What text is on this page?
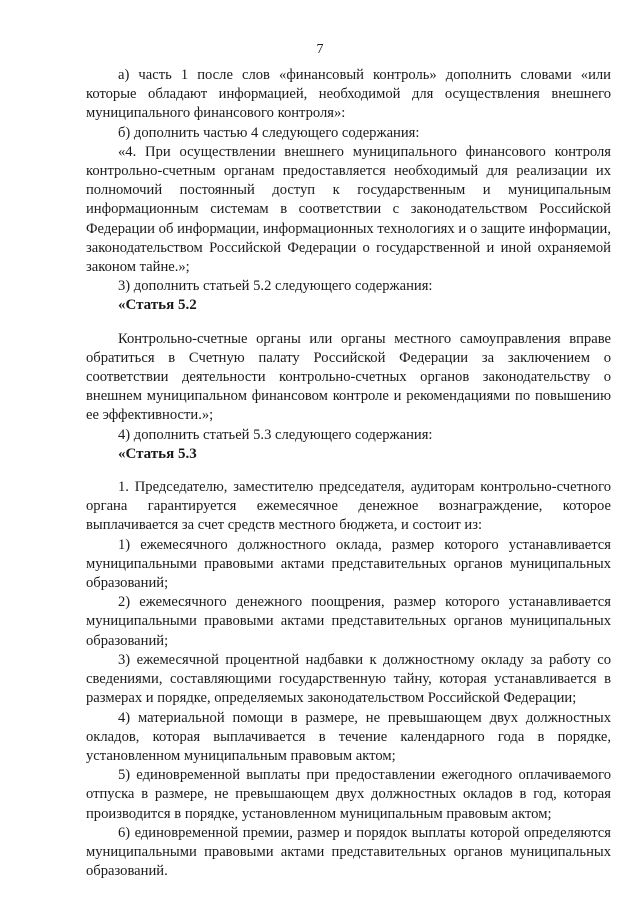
7

а) часть 1 после слов «финансовый контроль» дополнить словами «или которые обладают информацией, необходимой для осуществления внешнего муниципального финансового контроля»:

б) дополнить частью 4 следующего содержания:

«4. При осуществлении внешнего муниципального финансового контроля контрольно-счетным органам предоставляется необходимый для реализации их полномочий постоянный доступ к государственным и муниципальным информационным системам в соответствии с законодательством Российской Федерации об информации, информационных технологиях и о защите информации, законодательством Российской Федерации о государственной и иной охраняемой законом тайне.»;

3) дополнить статьей 5.2 следующего содержания:

«Статья 5.2

Контрольно-счетные органы или органы местного самоуправления вправе обратиться в Счетную палату Российской Федерации за заключением о соответствии деятельности контрольно-счетных органов законодательству о внешнем муниципальном финансовом контроле и рекомендациями по повышению ее эффективности.»;

4) дополнить статьей 5.3 следующего содержания:

«Статья 5.3

1. Председателю, заместителю председателя, аудиторам контрольно-счетного органа гарантируется ежемесячное денежное вознаграждение, которое выплачивается за счет средств местного бюджета, и состоит из:

1) ежемесячного должностного оклада, размер которого устанавливается муниципальными правовыми актами представительных органов муниципальных образований;

2) ежемесячного денежного поощрения, размер которого устанавливается муниципальными правовыми актами представительных органов муниципальных образований;

3) ежемесячной процентной надбавки к должностному окладу за работу со сведениями, составляющими государственную тайну, которая устанавливается в размерах и порядке, определяемых законодательством Российской Федерации;

4) материальной помощи в размере, не превышающем двух должностных окладов, которая выплачивается в течение календарного года в порядке, установленном муниципальным правовым актом;

5) единовременной выплаты при предоставлении ежегодного оплачиваемого отпуска в размере, не превышающем двух должностных окладов в год, которая производится в порядке, установленном муниципальным правовым актом;

6) единовременной премии, размер и порядок выплаты которой определяются муниципальными правовыми актами представительных органов муниципальных образований.
